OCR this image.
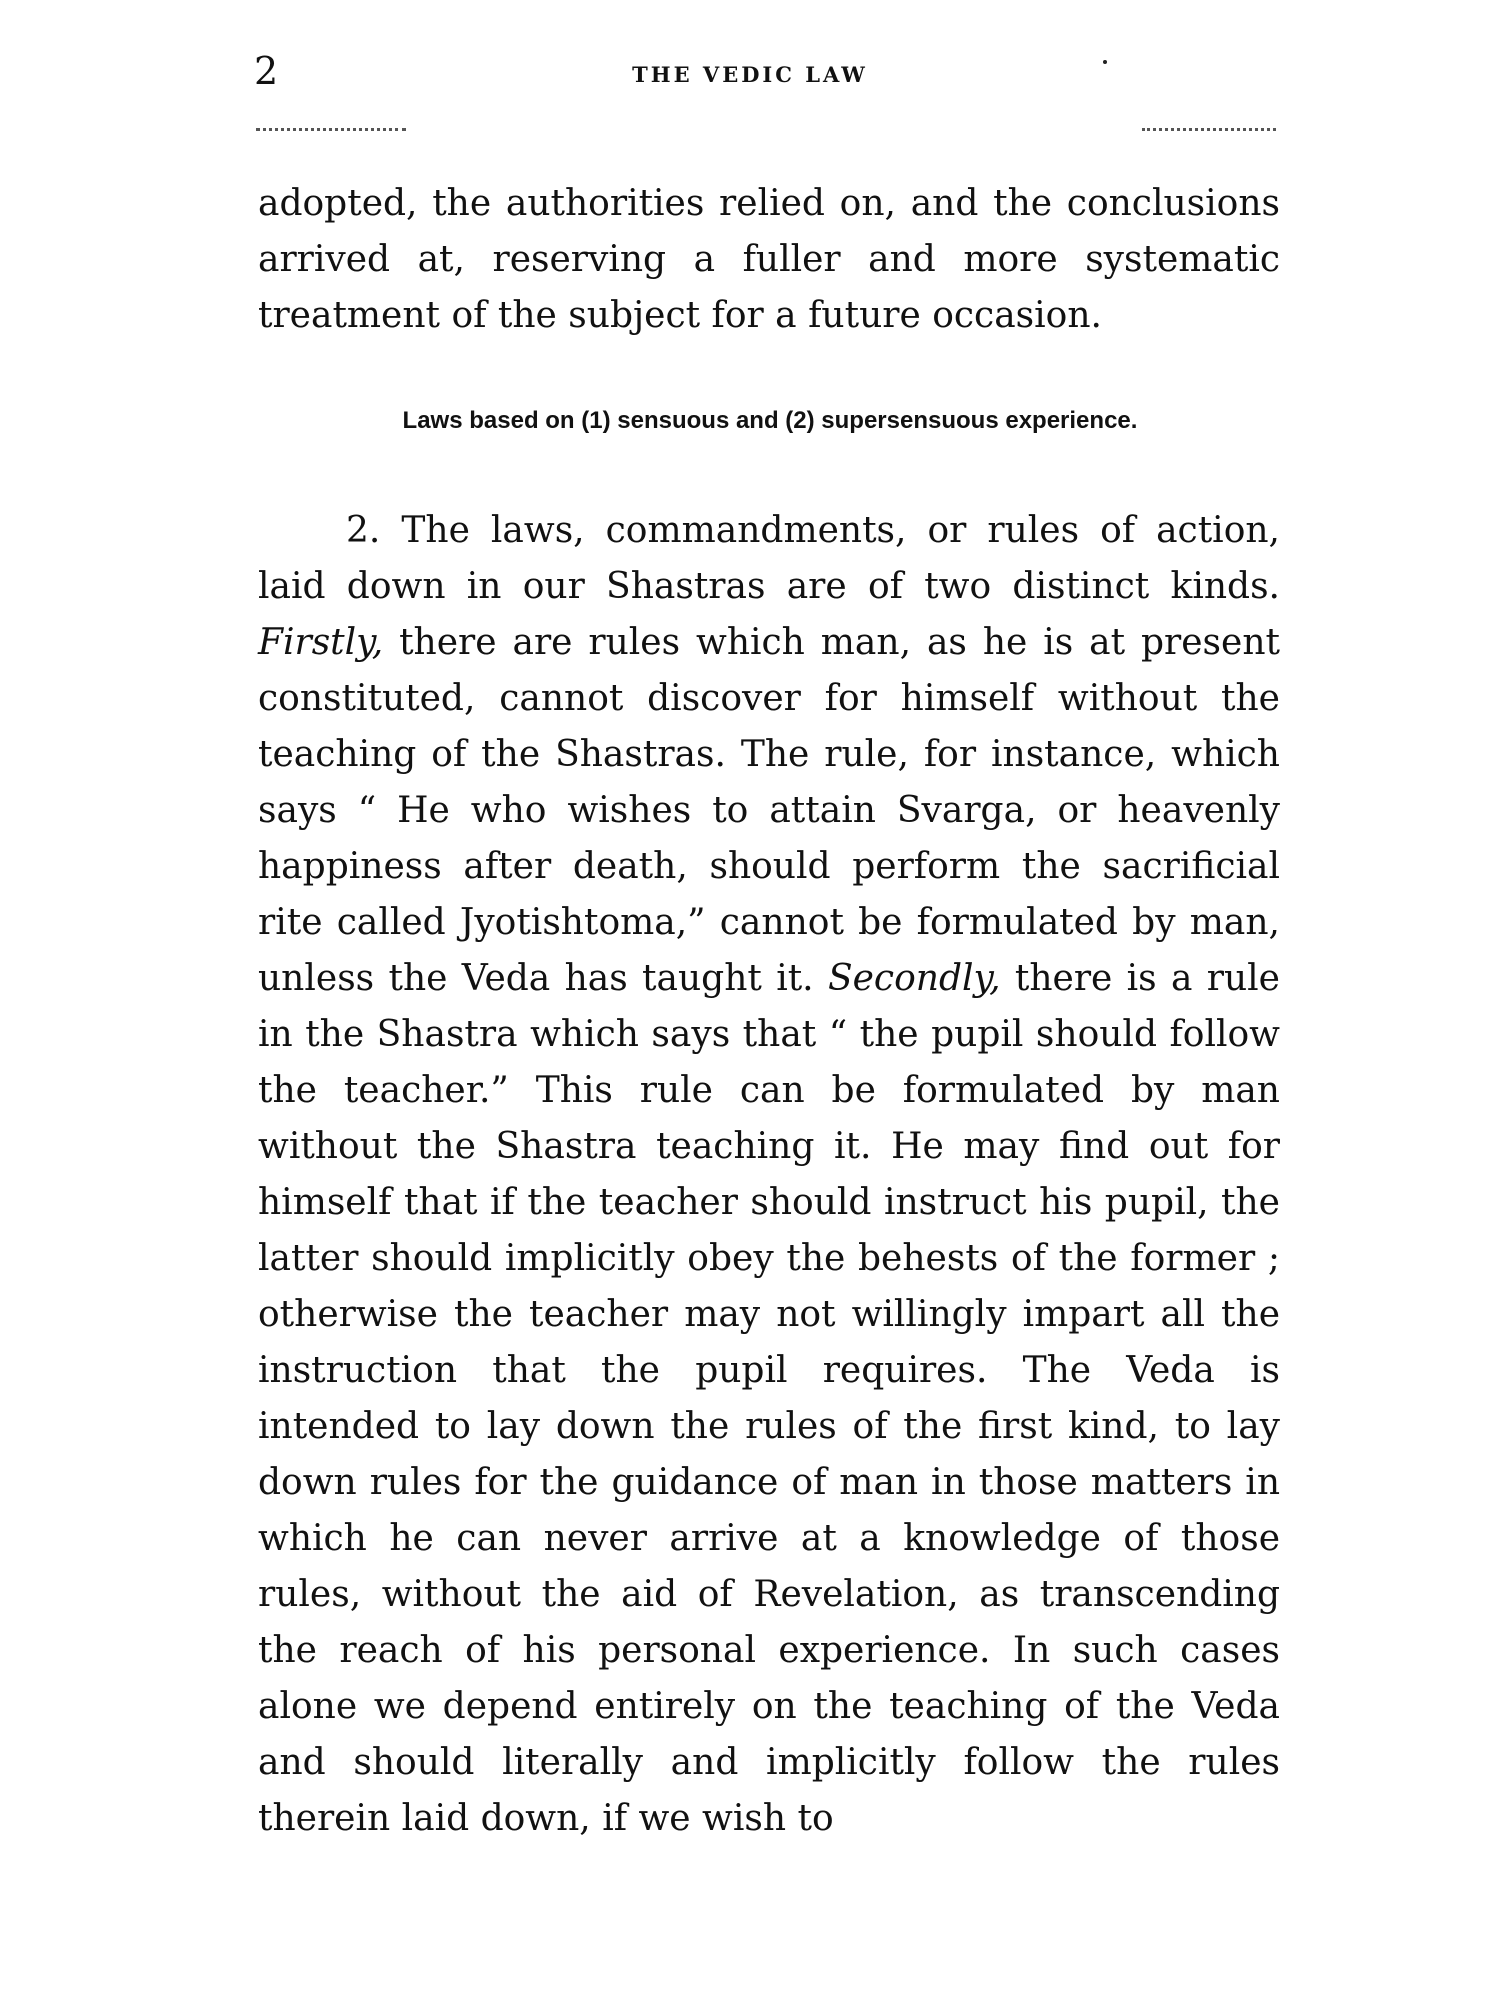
2	THE VEDIC LAW

adopted, the authorities relied on, and the conclusions arrived at, reserving a fuller and more systematic treatment of the subject for a future occasion.

Laws based on (1) sensuous and (2) supersensuous experience.

2. The laws, commandments, or rules of action, laid down in our Shastras are of two distinct kinds. Firstly, there are rules which man, as he is at present constituted, cannot discover for himself without the teaching of the Shastras. The rule, for instance, which says “ He who wishes to attain Svarga, or heavenly happiness after death, should perform the sacrificial rite called Jyotishtoma,” cannot be formulated by man, unless the Veda has taught it. Secondly, there is a rule in the Shastra which says that “ the pupil should follow the teacher.” This rule can be formulated by man without the Shastra teaching it. He may find out for himself that if the teacher should instruct his pupil, the latter should implicitly obey the behests of the former ; otherwise the teacher may not willingly impart all the instruction that the pupil requires. The Veda is intended to lay down the rules of the first kind, to lay down rules for the guidance of man in those matters in which he can never arrive at a knowledge of those rules, without the aid of Revelation, as transcending the reach of his personal experience. In such cases alone we depend entirely on the teaching of the Veda and should literally and implicitly follow the rules therein laid down, if we wish to
